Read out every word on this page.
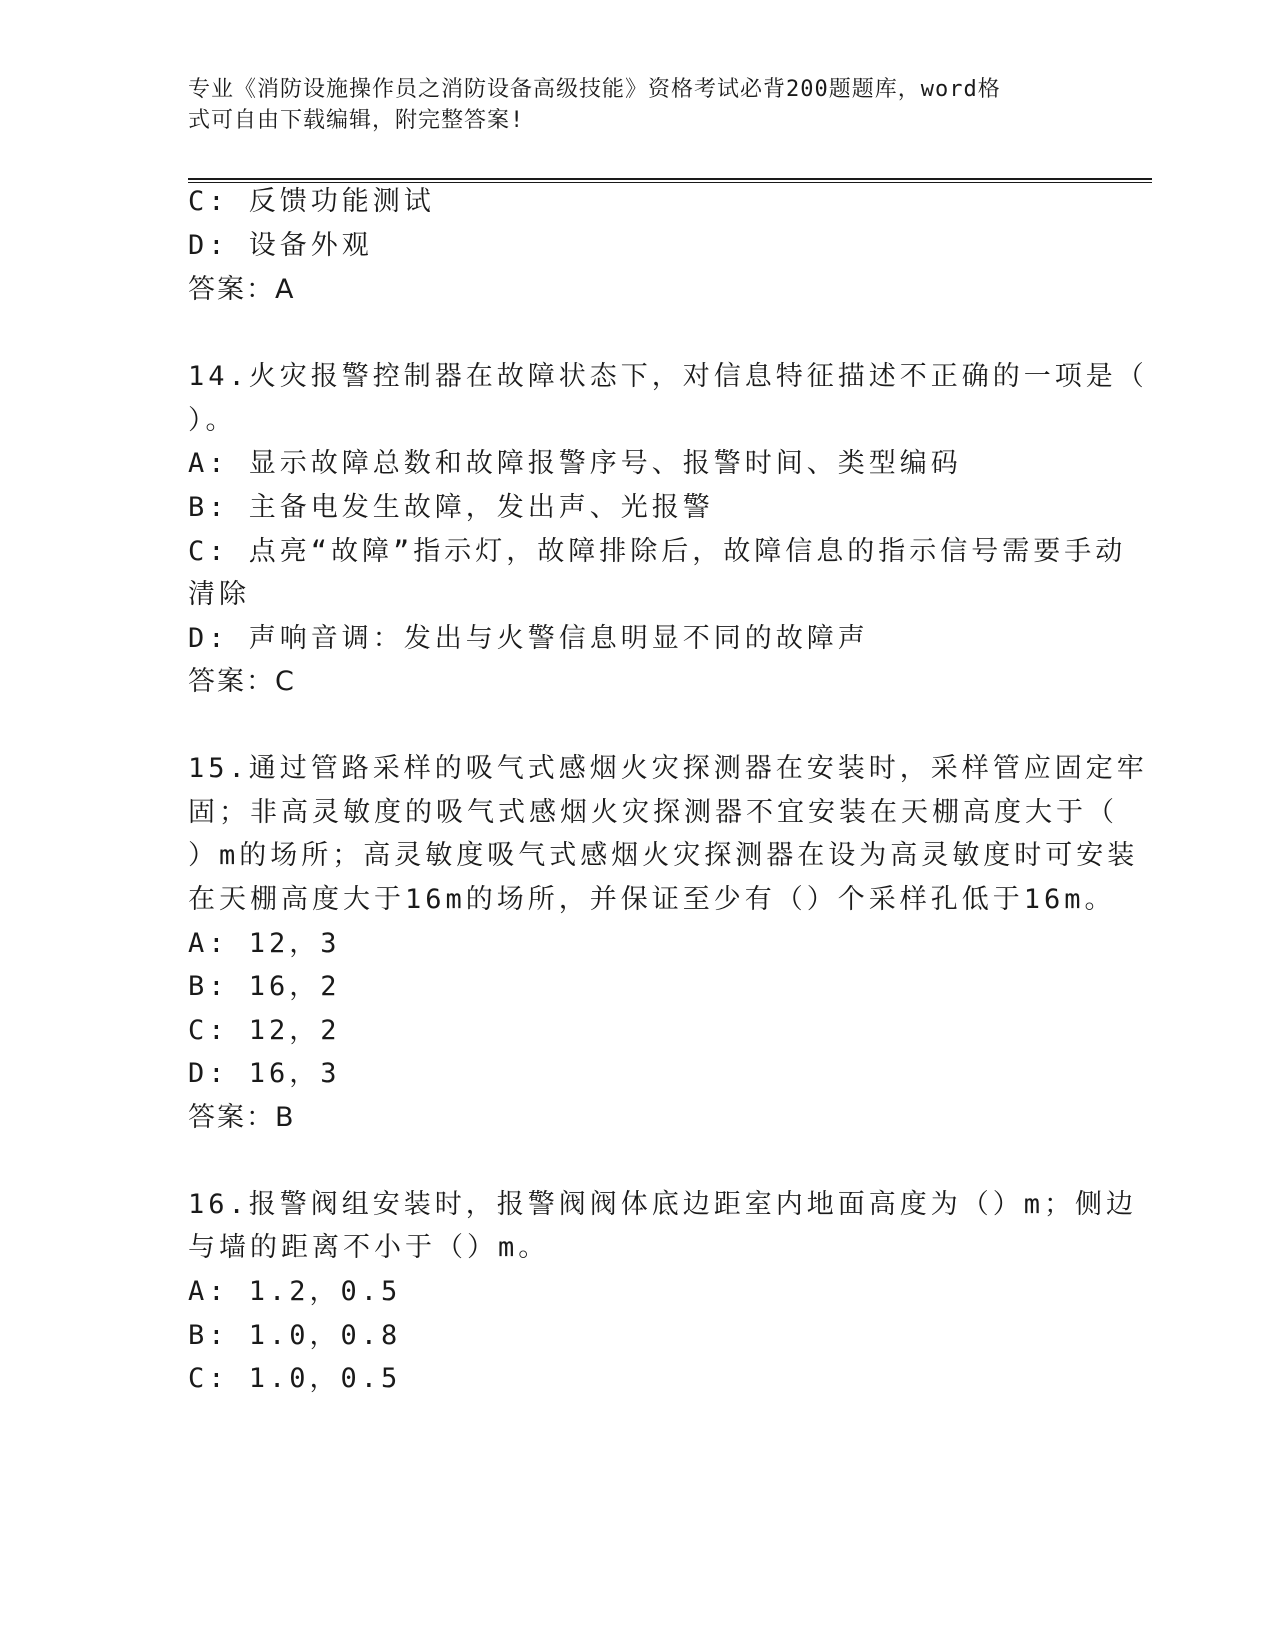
专业《消防设施操作员之消防设备高级技能》资格考试必背200题题库，word格
式可自由下载编辑，附完整答案!
C: 反馈功能测试
D: 设备外观
答案：A
14.火灾报警控制器在故障状态下，对信息特征描述不正确的一项是（
）。
A: 显示故障总数和故障报警序号、报警时间、类型编码
B: 主备电发生故障，发出声、光报警
C: 点亮“故障”指示灯，故障排除后，故障信息的指示信号需要手动
清除
D: 声响音调：发出与火警信息明显不同的故障声
答案：C
15.通过管路采样的吸气式感烟火灾探测器在安装时，采样管应固定牢
固；非高灵敏度的吸气式感烟火灾探测器不宜安装在天棚高度大于（
）m的场所；高灵敏度吸气式感烟火灾探测器在设为高灵敏度时可安装
在天棚高度大于16m的场所，并保证至少有（）个采样孔低于16m。
A: 12，3
B: 16，2
C: 12，2
D: 16，3
答案：B
16.报警阀组安装时，报警阀阀体底边距室内地面高度为（）m；侧边
与墙的距离不小于（）m。
A: 1.2，0.5
B: 1.0，0.8
C: 1.0，0.5
